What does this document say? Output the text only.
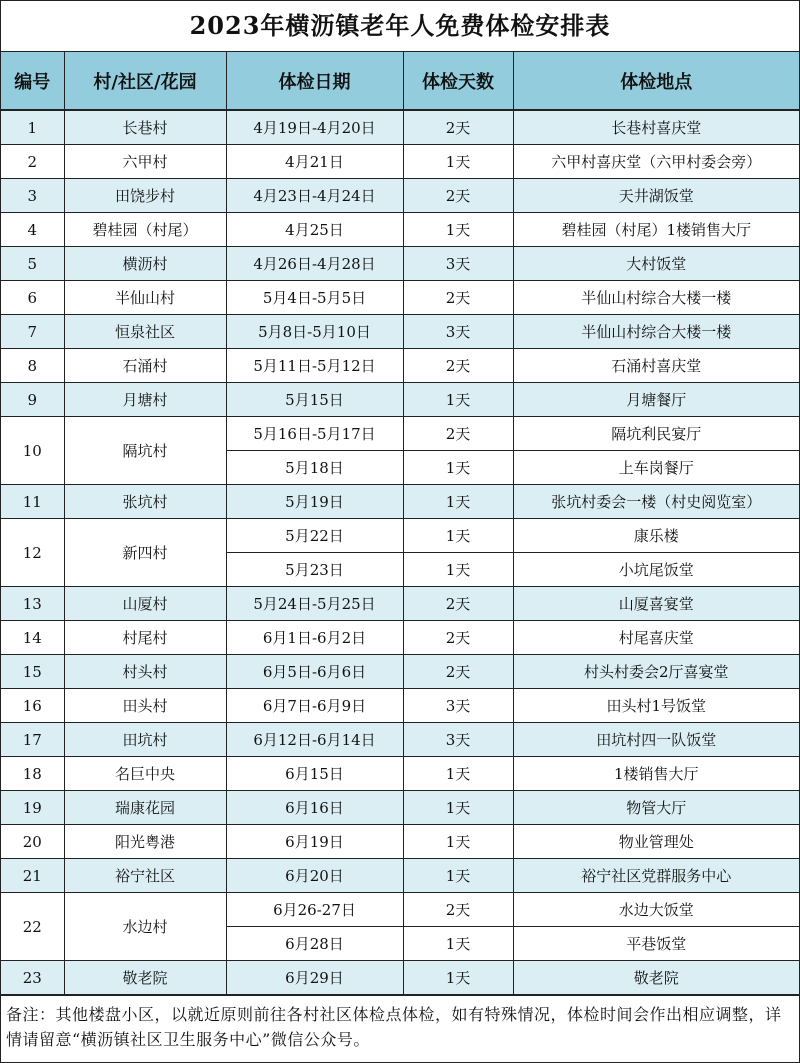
2023年横沥镇老年人免费体检安排表
编号	村/社区/花园	体检日期	体检天数	体检地点
1	长巷村	4月19日-4月20日	2天	长巷村喜庆堂
2	六甲村	4月21日	1天	六甲村喜庆堂（六甲村委会旁）
3	田饶步村	4月23日-4月24日	2天	天井湖饭堂
4	碧桂园（村尾）	4月25日	1天	碧桂园（村尾）1楼销售大厅
5	横沥村	4月26日-4月28日	3天	大村饭堂
6	半仙山村	5月4日-5月5日	2天	半仙山村综合大楼一楼
7	恒泉社区	5月8日-5月10日	3天	半仙山村综合大楼一楼
8	石涌村	5月11日-5月12日	2天	石涌村喜庆堂
9	月塘村	5月15日	1天	月塘餐厅
10	隔坑村	5月16日-5月17日	2天	隔坑利民宴厅
		5月18日	1天	上车岗餐厅
11	张坑村	5月19日	1天	张坑村委会一楼（村史阅览室）
12	新四村	5月22日	1天	康乐楼
		5月23日	1天	小坑尾饭堂
13	山厦村	5月24日-5月25日	2天	山厦喜宴堂
14	村尾村	6月1日-6月2日	2天	村尾喜庆堂
15	村头村	6月5日-6月6日	2天	村头村委会2厅喜宴堂
16	田头村	6月7日-6月9日	3天	田头村1号饭堂
17	田坑村	6月12日-6月14日	3天	田坑村四一队饭堂
18	名巨中央	6月15日	1天	1楼销售大厅
19	瑞康花园	6月16日	1天	物管大厅
20	阳光粤港	6月19日	1天	物业管理处
21	裕宁社区	6月20日	1天	裕宁社区党群服务中心
22	水边村	6月26-27日	2天	水边大饭堂
		6月28日	1天	平巷饭堂
23	敬老院	6月29日	1天	敬老院
备注：其他楼盘小区，以就近原则前往各村社区体检点体检，如有特殊情况，体检时间会作出相应调整，详情请留意“横沥镇社区卫生服务中心”微信公众号。
